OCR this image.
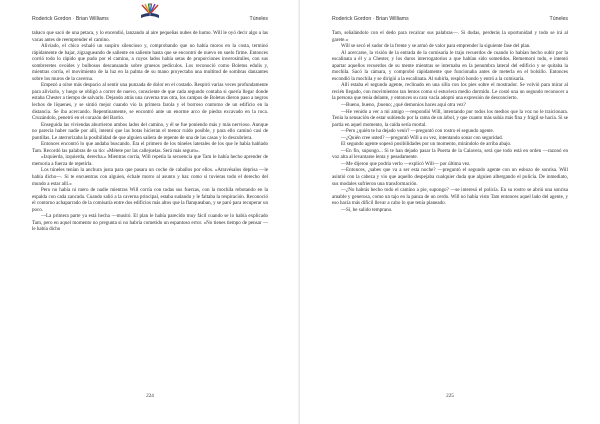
Roderick Gordon · Brian Williams	Túneles

tabaco que sacó de una petaca, y lo encendió, lanzando al aire pequeñas nubes de humo. Will le oyó decir algo a las vacas antes de reemprender el camino.

Aliviado, el chico exhaló un suspiro silencioso y, comprobando que no había moros en la costa, terminó rápidamente de bajar, zigzagueando de saliente en saliente hasta que se encontró de nuevo en suelo firme. Entonces corrió todo lo rápido que pudo por el camino, a cuyos lados había setas de proporciones inverosímiles, con sus sombreretes ovoides y bulbosos descansando sobre gruesos pedículos. Los reconoció como Boletus edulis y, mientras corría, el movimiento de la luz en la palma de su mano proyectaba una multitud de sombras danzantes sobre los muros de la caverna.

Empezó a oírse más despacio al sentir una punzada de dolor en el costado. Respiró varias veces profundamente para aliviarlo, y luego se obligó a correr de nuevo, consciente de que cada segundo contaba si quería llegar donde estaba Chester a tiempo de salvarlo. Dejando atrás una caverna tras otra, los campos de Boletus dieron paso a negros lechos de líquenes, y se sintió mejor cuando vio la primera farola y el borroso contorno de un edificio en la distancia. Se iba acercando. Repentinamente, se encontró ante un enorme arco de piedra excavado en la roca. Cruzándolo, penetró en el corazón del Barrio.

Enseguida las viviendas aburrieron ambos lados del camino, y él se fue poniendo más y más nervioso. Aunque no parecía haber nadie por allí, intentó que las botas hicieran el menor ruido posible, y para ello caminó casi de puntillas. Le aterrorizaba la posibilidad de que alguien saliera de repente de una de las casas y lo descubriera.

Entonces encontró lo que andaba buscando. Era el primero de los túneles laterales de los que le había hablado Tam. Recordó las palabras de su tío: «Métete por las callejuelas. Será más seguro».

«Izquierda, izquierda, derecha.» Mientras corría, Will repetía la secuencia que Tam le había hecho aprender de memoria a fuerza de repetirla.

Los túneles tenían la anchura justa para que pasara un coche de caballos por ellos. «Atravésalos deprisa —le había dicho—. Si te encuentras con alguien, échale morro al asunto y haz como si tuvieras todo el derecho del mundo a estar allí.»

Pero no había ni mero de nadie mientras Will corría con todas sus fuerzas, con la mochila rebotando en la espalda con cada zancada. Cuando salió a la caverna principal, estaba sudando y le faltaba la respiración. Reconoció el contorno achaparrado de la comisaría entre dos edificios más altos que la flanqueaban, y se paró para recuperar un poco.

—La primera parte ya está hecha —musitó. El plan le había parecido muy fácil cuando se lo había explicado Tam, pero en aquel momento no pregunta si no habría cometido un espantoso error. «No tienes tiempo de pensar —le había dicho

224
Roderick Gordon · Brian Williams	Túneles

Tam, señalándolo con el dedo para recalcar sus palabras—. Si dudas, perderás la oportunidad y todo se irá al garete.»

Will se secó el sudor de la frente y se armó de valor para emprender la siguiente fase del plan.

Al acercarse, la visión de la entrada de la comisaría le trajo recuerdos de cuando lo habían hecho subir por la escalinata a él y a Chester, y los duros interrogatorios a que habían sido sometidos. Rememoró todo, e intentó apartar aquellos recuerdos de su mente mientras se internaba en la penumbra lateral del edificio y se quitaba la mochila. Sacó la cámara, y comprobó rápidamente que funcionaba antes de meterla en el bolsillo. Entonces escondió la mochila y se dirigió a la escalinata. Al subirla, respiró hondo y entró a la comisaría.

Allí estaba el segundo agente, reclinado en una silla con los pies sobre el mostrador. Se volvió para mirar al recién llegado, con movimientos tan lentos como si estuviera medio dormido. Le costó una un segundo reconocer a la persona que tenía delante, y entonces su cara vacía adoptó una expresión de desconcierto.

—Bueno, bueno, ¡bueno; ¿qué demonios haces aquí otra vez?

—He venido a ver a mi amigo —respondió Will, intentando por todos los medios que la voz no le traicionara. Tenía la sensación de estar subiendo por la rama de un árbol, y que cuanto más subía más fina y frágil se hacía. Si se partía en aquel momento, la caída sería mortal.

—Pero ¿quién te ha dejado venir? —preguntó con rostro el segundo agente.

—¿Quién cree usted? —preguntó Will a su vez, intentando sonar con seguridad.

El segundo agente sopesó posibilidades por un momento, mirándolo de arriba abajo.

—En fin, supongo... Si te han dejado pasar la Puerta de la Calavera, será que todo está en orden —razonó en voz alta al levantarse lenta y pesadamente.

—Me dijeron que podría verlo —explicó Will— por última vez.

—Entonces, ¿sabes que va a ser esta noche? —preguntó el segundo agente con un esbozo de sonrisa. Will asintió con la cabeza y vio que aquello despejaba cualquier duda que alguien albergando el policía. De inmediato, sus modales sufrieron una transformación.

—¿No habrás hecho todo el camino a pie, supongo? —se interesó el policía. En su rostro se abrió una sonrisa amable y generosa, como un tajo en la panza de un cerdo. Will no había visto Tam entonces aquel lado del agente, y eso hacía más difícil llevar a cabo lo que tenía planeado.

—Sí, he salido temprano.

225
